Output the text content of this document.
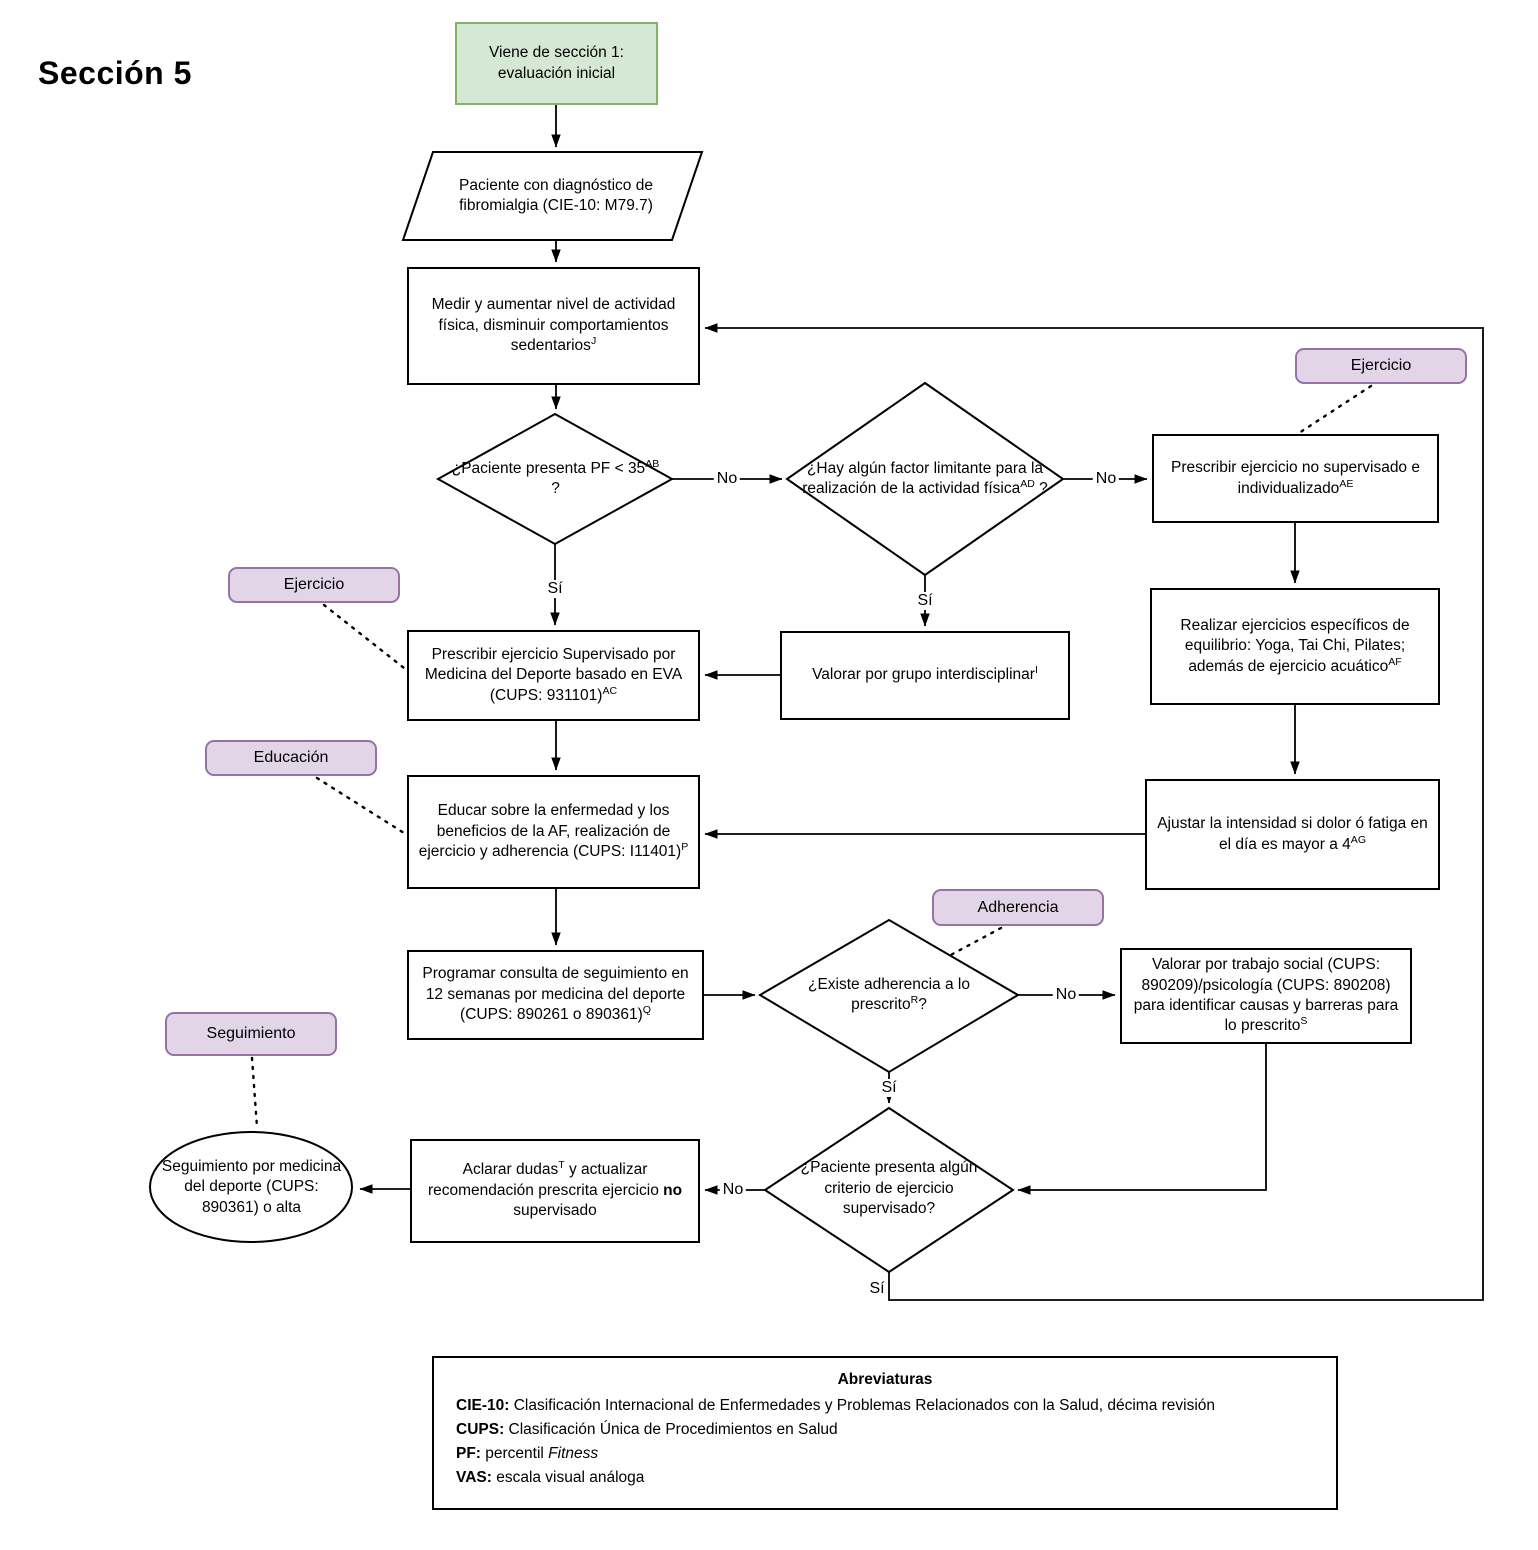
Sección 5
Viene de sección 1: evaluación inicial
Paciente con diagnóstico de fibromialgia (CIE-10: M79.7)
Medir y aumentar nivel de actividad física, disminuir comportamientos sedentarios$^J$
Prescribir ejercicio no supervisado e individualizado$^{AE}$
Realizar ejercicios específicos de equilibrio: Yoga, Tai Chi, Pilates; además de ejercicio acuático$^{AF}$
Ajustar la intensidad si dolor ó fatiga en el día es mayor a $4^{AG}$
Prescribir ejercicio Supervisado por Medicina del Deporte basado en EVA (CUPS: 931101)$^{AC}$
Valorar por grupo interdisciplinar$^I$
Educar sobre la enfermedad y los beneficios de la AF, realización de ejercicio y adherencia (CUPS: I11401)$^P$
Programar consulta de seguimiento en 12 semanas por medicina del deporte (CUPS: 890261 o 890361)$^Q$
Valorar por trabajo social (CUPS: 890209)/psicología (CUPS: 890208) para identificar causas y barreras para lo prescrito$^S$
Aclarar dudas$^T$ y actualizar recomendación prescrita ejercicio no supervisado
¿Paciente presenta PF < $35^{AB}$ ?
¿Hay algún factor limitante para la realización de la actividad física$^{AD}$ ?
¿Existe adherencia a lo prescrito$^R$?
¿Paciente presenta algún criterio de ejercicio supervisado?
Seguimiento por medicina del deporte (CUPS: 890361) o alta
Ejercicio
Ejercicio
Educación
Adherencia
Seguimiento
No
Sí
No
Sí
No
Sí
No
Sí
Abreviaturas
CIE-10: Clasificación Internacional de Enfermedades y Problemas Relacionados con la Salud, décima revisión
CUPS: Clasificación Única de Procedimientos en Salud
PF: percentil Fitness
VAS: escala visual análoga
